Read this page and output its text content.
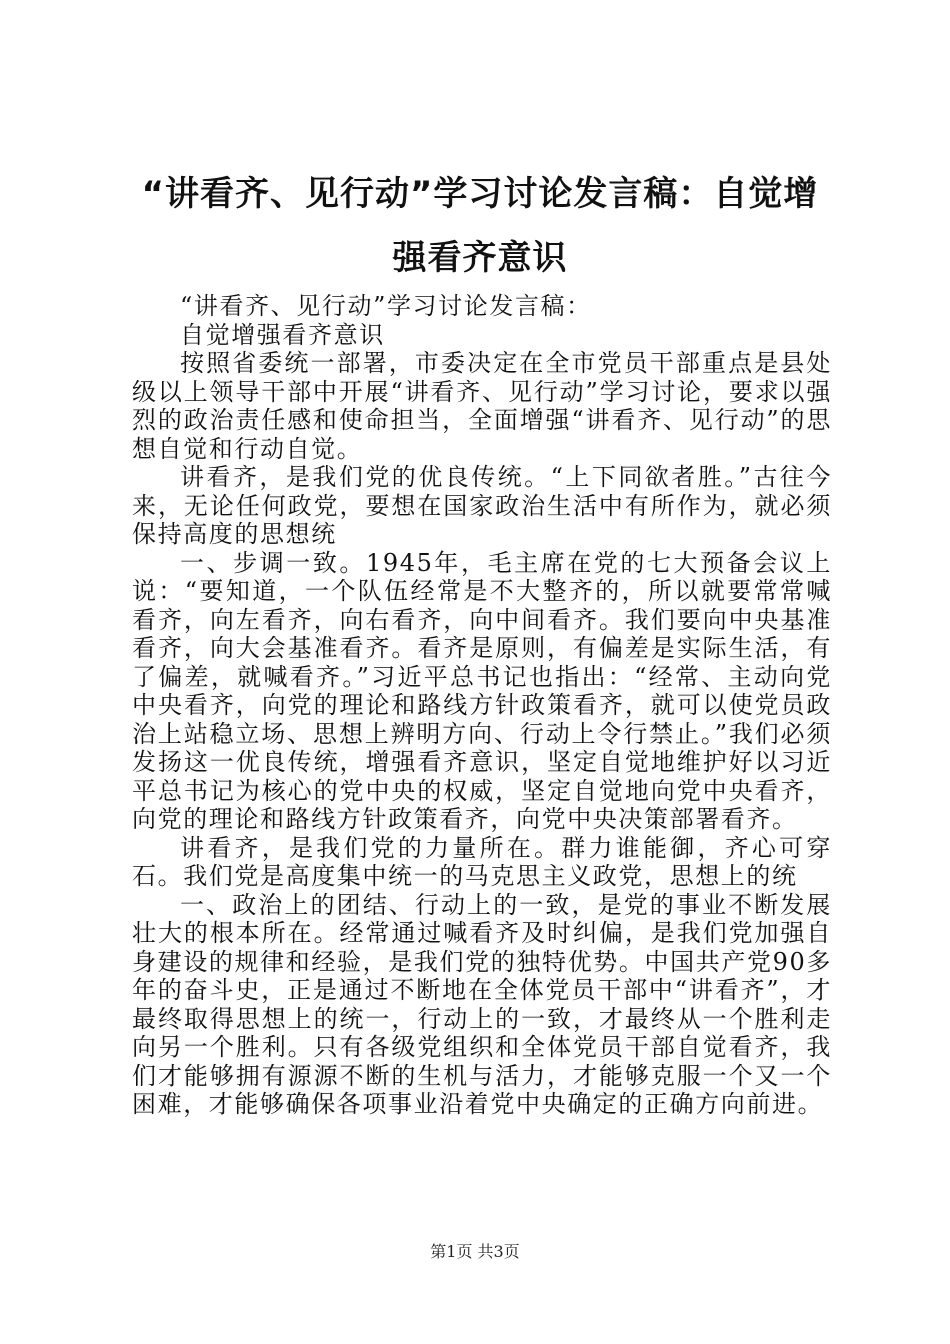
“讲看齐、见行动”学习讨论发言稿：自觉增强看齐意识

“讲看齐、见行动”学习讨论发言稿：

自觉增强看齐意识

按照省委统一部署，市委决定在全市党员干部重点是县处级以上领导干部中开展“讲看齐、见行动”学习讨论，要求以强烈的政治责任感和使命担当，全面增强“讲看齐、见行动”的思想自觉和行动自觉。

讲看齐，是我们党的优良传统。“上下同欲者胜。”古往今来，无论任何政党，要想在国家政治生活中有所作为，就必须保持高度的思想统

一、步调一致。1945年，毛主席在党的七大预备会议上说：“要知道，一个队伍经常是不大整齐的，所以就要常常喊看齐，向左看齐，向右看齐，向中间看齐。我们要向中央基准看齐，向大会基准看齐。看齐是原则，有偏差是实际生活，有了偏差，就喊看齐。”习近平总书记也指出：“经常、主动向党中央看齐，向党的理论和路线方针政策看齐，就可以使党员政治上站稳立场、思想上辨明方向、行动上令行禁止。”我们必须发扬这一优良传统，增强看齐意识，坚定自觉地维护好以习近平总书记为核心的党中央的权威，坚定自觉地向党中央看齐，向党的理论和路线方针政策看齐，向党中央决策部署看齐。

讲看齐，是我们党的力量所在。群力谁能御，齐心可穿石。我们党是高度集中统一的马克思主义政党，思想上的统

一、政治上的团结、行动上的一致，是党的事业不断发展壮大的根本所在。经常通过喊看齐及时纠偏，是我们党加强自身建设的规律和经验，是我们党的独特优势。中国共产党90多年的奋斗史，正是通过不断地在全体党员干部中“讲看齐”，才最终取得思想上的统一，行动上的一致，才最终从一个胜利走向另一个胜利。只有各级党组织和全体党员干部自觉看齐，我们才能够拥有源源不断的生机与活力，才能够克服一个又一个困难，才能够确保各项事业沿着党中央确定的正确方向前进。

第1页 共3页
